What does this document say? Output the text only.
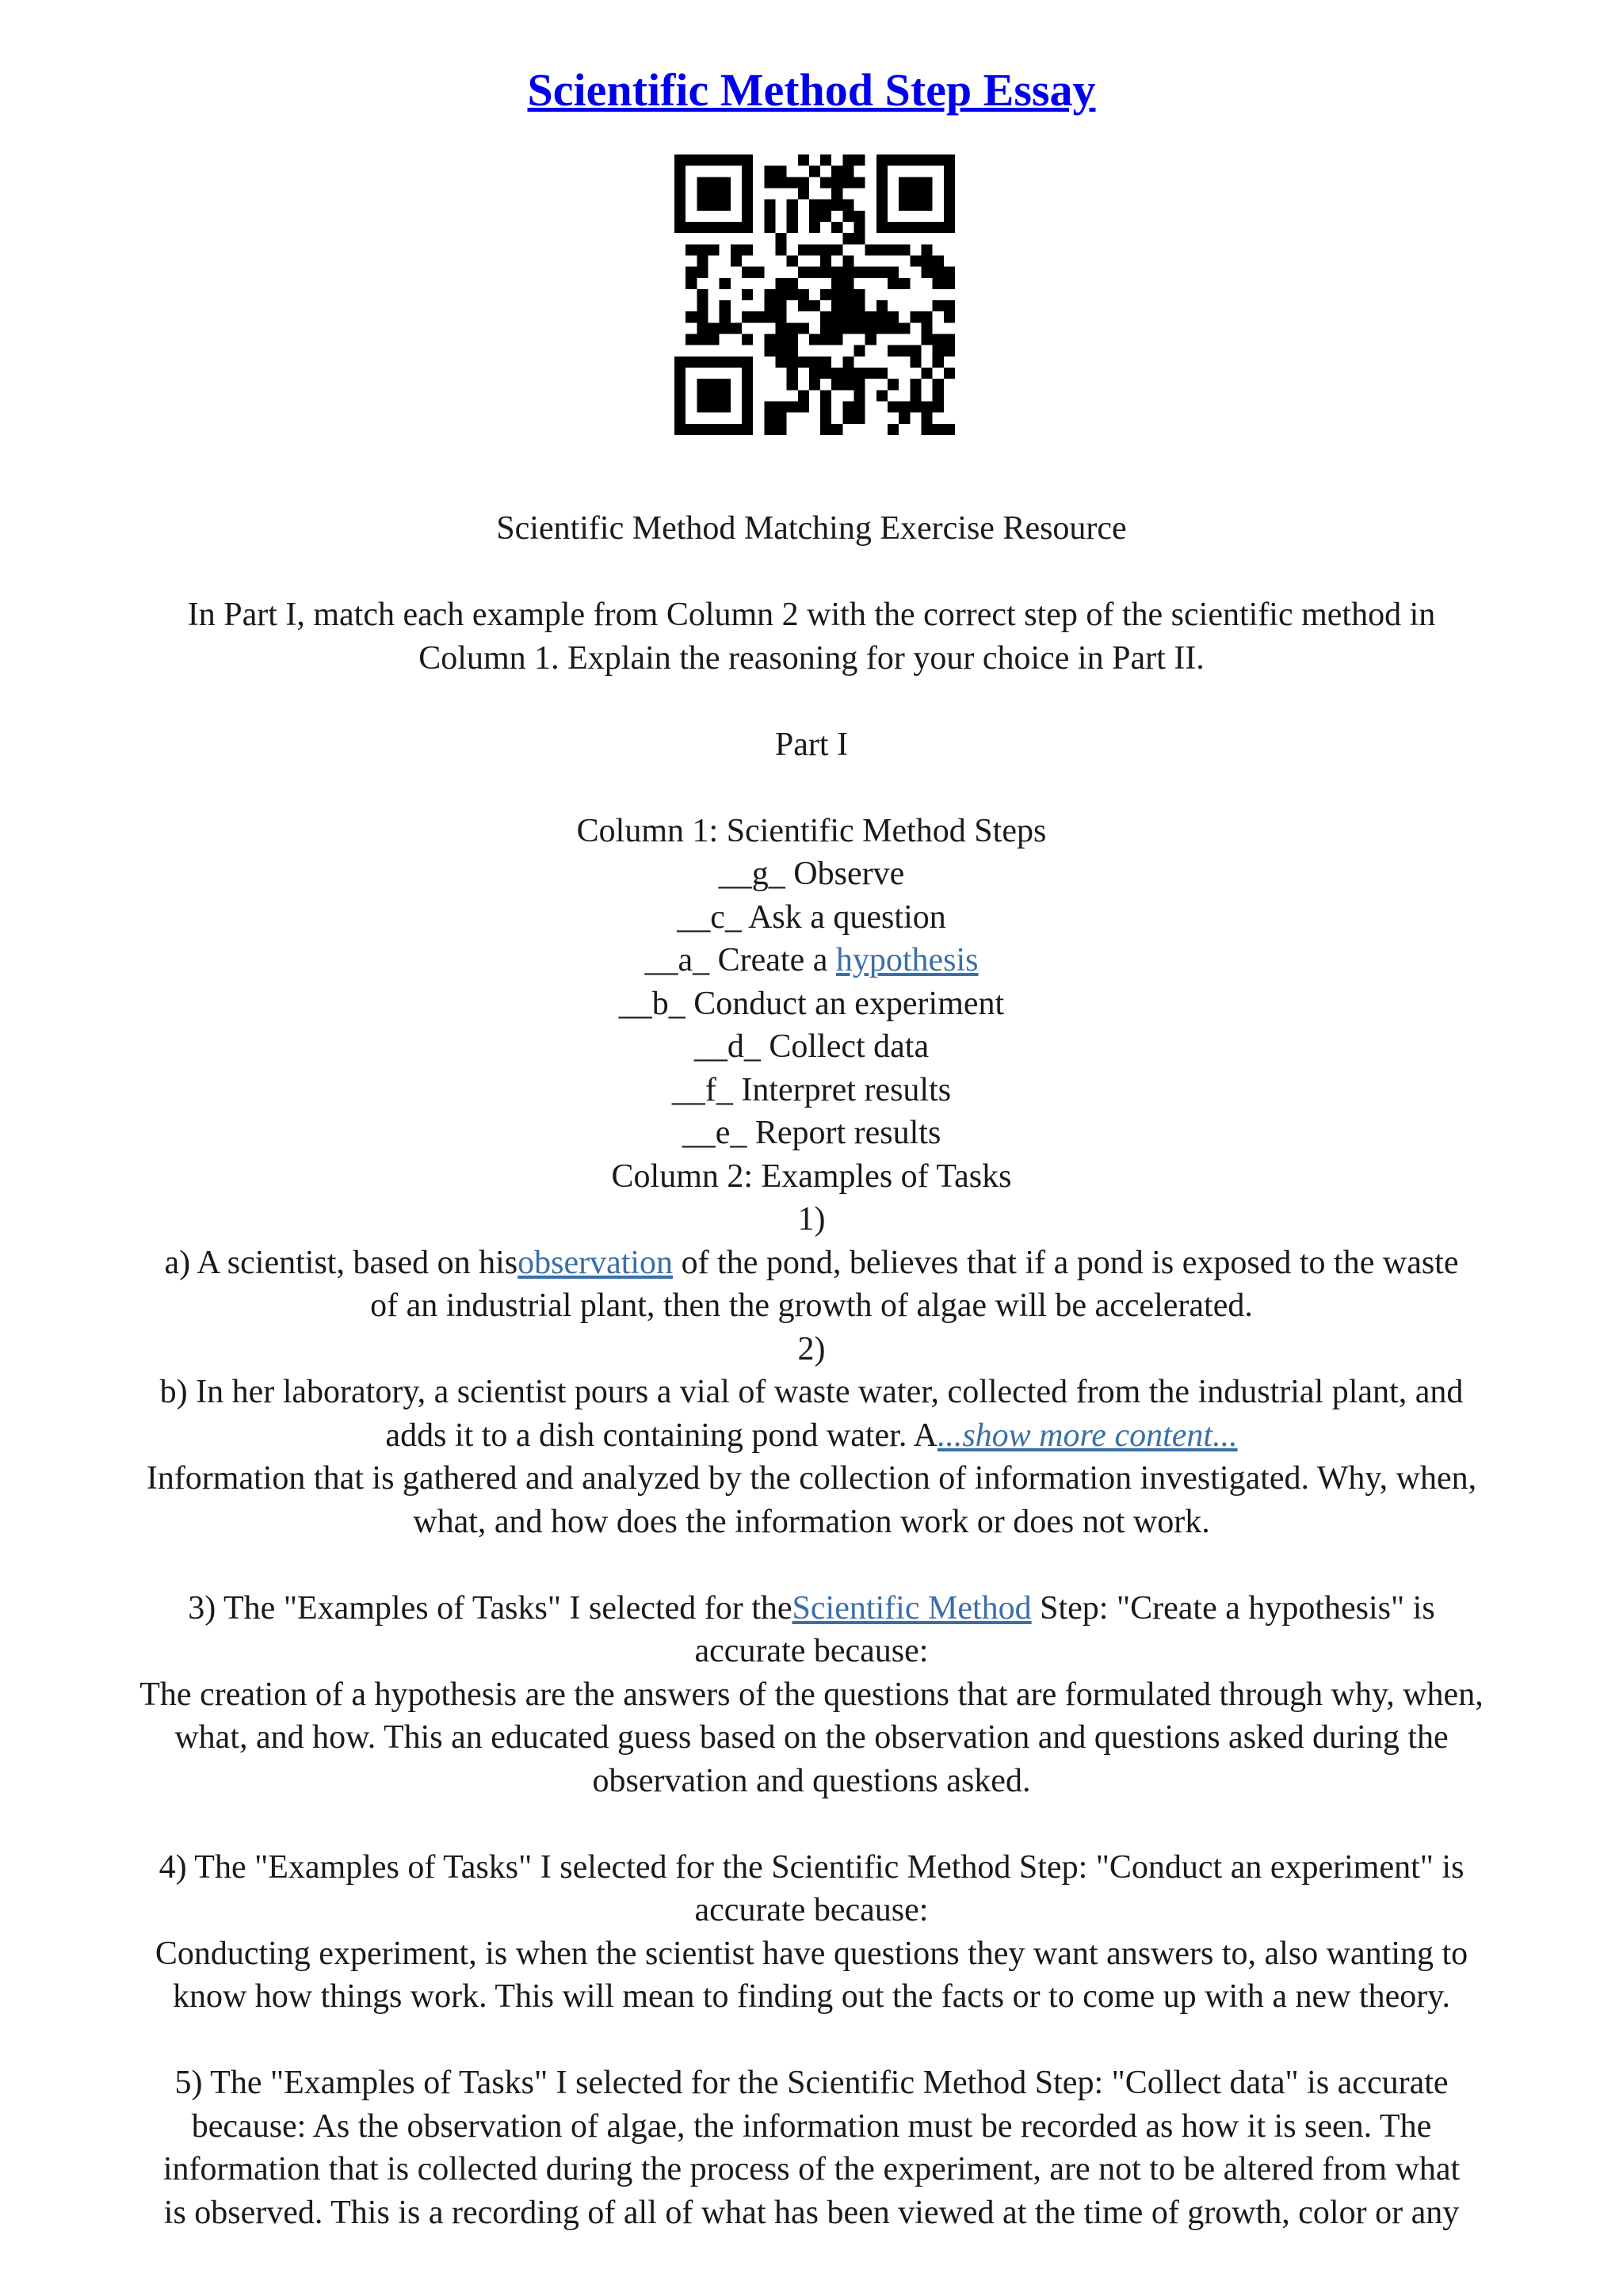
Scientific Method Step Essay

Scientific Method Matching Exercise Resource

In Part I, match each example from Column 2 with the correct step of the scientific method in

Column 1. Explain the reasoning for your choice in Part II.

Part I

Column 1: Scientific Method Steps

__g_ Observe

__c_ Ask a question

__a_ Create a hypothesis

__b_ Conduct an experiment

__d_ Collect data

__f_ Interpret results

__e_ Report results

Column 2: Examples of Tasks

1)

a) A scientist, based on hisobservation of the pond, believes that if a pond is exposed to the waste

of an industrial plant, then the growth of algae will be accelerated.

2)

b) In her laboratory, a scientist pours a vial of waste water, collected from the industrial plant, and

adds it to a dish containing pond water. A...show more content...

Information that is gathered and analyzed by the collection of information investigated. Why, when,

what, and how does the information work or does not work.

3) The "Examples of Tasks" I selected for theScientific Method Step: "Create a hypothesis" is

accurate because:

The creation of a hypothesis are the answers of the questions that are formulated through why, when,

what, and how. This an educated guess based on the observation and questions asked during the

observation and questions asked.

4) The "Examples of Tasks" I selected for the Scientific Method Step: "Conduct an experiment" is

accurate because:

Conducting experiment, is when the scientist have questions they want answers to, also wanting to

know how things work. This will mean to finding out the facts or to come up with a new theory.

5) The "Examples of Tasks" I selected for the Scientific Method Step: "Collect data" is accurate

because: As the observation of algae, the information must be recorded as how it is seen. The

information that is collected during the process of the experiment, are not to be altered from what

is observed. This is a recording of all of what has been viewed at the time of growth, color or any
